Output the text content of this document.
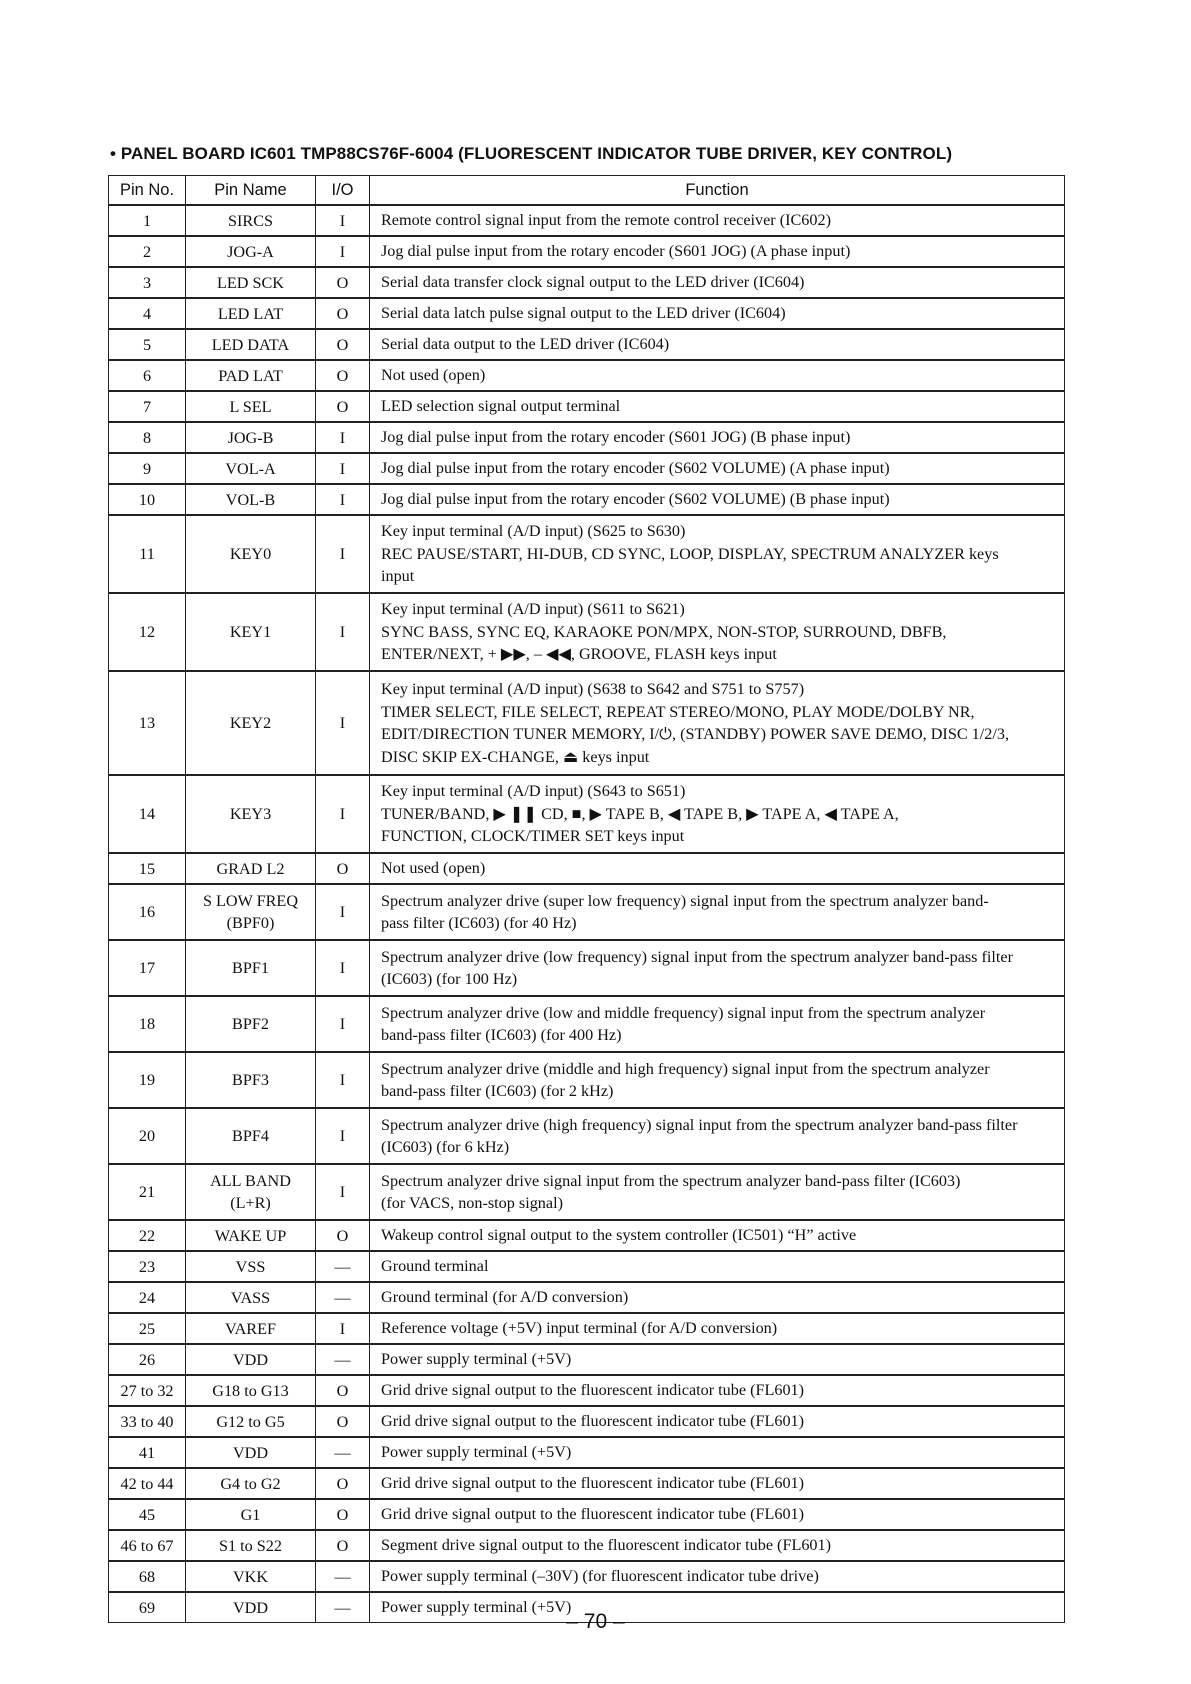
• PANEL BOARD IC601 TMP88CS76F-6004 (FLUORESCENT INDICATOR TUBE DRIVER, KEY CONTROL)
Pin No.	Pin Name	I/O	Function
1	SIRCS	I	Remote control signal input from the remote control receiver (IC602)

2	JOG-A	I	Jog dial pulse input from the rotary encoder (S601 JOG) (A phase input)

3	LED SCK	O	Serial data transfer clock signal output to the LED driver (IC604)

4	LED LAT	O	Serial data latch pulse signal output to the LED driver (IC604)

5	LED DATA	O	Serial data output to the LED driver (IC604)

6	PAD LAT	O	Not used (open)

7	L SEL	O	LED selection signal output terminal

8	JOG-B	I	Jog dial pulse input from the rotary encoder (S601 JOG) (B phase input)

9	VOL-A	I	Jog dial pulse input from the rotary encoder (S602 VOLUME) (A phase input)

10	VOL-B	I	Jog dial pulse input from the rotary encoder (S602 VOLUME) (B phase input)

11	KEY0	I	Key input terminal (A/D input) (S625 to S630)
REC PAUSE/START, HI-DUB, CD SYNC, LOOP, DISPLAY, SPECTRUM ANALYZER keys
input

12	KEY1	I	Key input terminal (A/D input) (S611 to S621)
SYNC BASS, SYNC EQ, KARAOKE PON/MPX, NON-STOP, SURROUND, DBFB,
ENTER/NEXT, + ▶▶, – ◀◀, GROOVE, FLASH keys input

13	KEY2	I	Key input terminal (A/D input) (S638 to S642 and S751 to S757)
TIMER SELECT, FILE SELECT, REPEAT STEREO/MONO, PLAY MODE/DOLBY NR,
EDIT/DIRECTION TUNER MEMORY, I/⏻, (STANDBY) POWER SAVE DEMO, DISC 1/2/3,
DISC SKIP EX-CHANGE, ⏏ keys input

14	KEY3	I	Key input terminal (A/D input) (S643 to S651)
TUNER/BAND, ▶ ❚❚ CD, ■, ▶ TAPE B, ◀ TAPE B, ▶ TAPE A, ◀ TAPE A,
FUNCTION, CLOCK/TIMER SET keys input

15	GRAD L2	O	Not used (open)

16	S LOW FREQ
(BPF0)	I	Spectrum analyzer drive (super low frequency) signal input from the spectrum analyzer band-
pass filter (IC603) (for 40 Hz)

17	BPF1	I	Spectrum analyzer drive (low frequency) signal input from the spectrum analyzer band-pass filter
(IC603) (for 100 Hz)

18	BPF2	I	Spectrum analyzer drive (low and middle frequency) signal input from the spectrum analyzer
band-pass filter (IC603) (for 400 Hz)

19	BPF3	I	Spectrum analyzer drive (middle and high frequency) signal input from the spectrum analyzer
band-pass filter (IC603) (for 2 kHz)

20	BPF4	I	Spectrum analyzer drive (high frequency) signal input from the spectrum analyzer band-pass filter
(IC603) (for 6 kHz)

21	ALL BAND
(L+R)	I	Spectrum analyzer drive signal input from the spectrum analyzer band-pass filter (IC603)
(for VACS, non-stop signal)

22	WAKE UP	O	Wakeup control signal output to the system controller (IC501) “H” active

23	VSS	—	Ground terminal

24	VASS	—	Ground terminal (for A/D conversion)

25	VAREF	I	Reference voltage (+5V) input terminal (for A/D conversion)

26	VDD	—	Power supply terminal (+5V)

27 to 32	G18 to G13	O	Grid drive signal output to the fluorescent indicator tube (FL601)

33 to 40	G12 to G5	O	Grid drive signal output to the fluorescent indicator tube (FL601)

41	VDD	—	Power supply terminal (+5V)

42 to 44	G4 to G2	O	Grid drive signal output to the fluorescent indicator tube (FL601)

45	G1	O	Grid drive signal output to the fluorescent indicator tube (FL601)

46 to 67	S1 to S22	O	Segment drive signal output to the fluorescent indicator tube (FL601)

68	VKK	—	Power supply terminal (–30V) (for fluorescent indicator tube drive)

69	VDD	—	Power supply terminal (+5V)
– 70 –
